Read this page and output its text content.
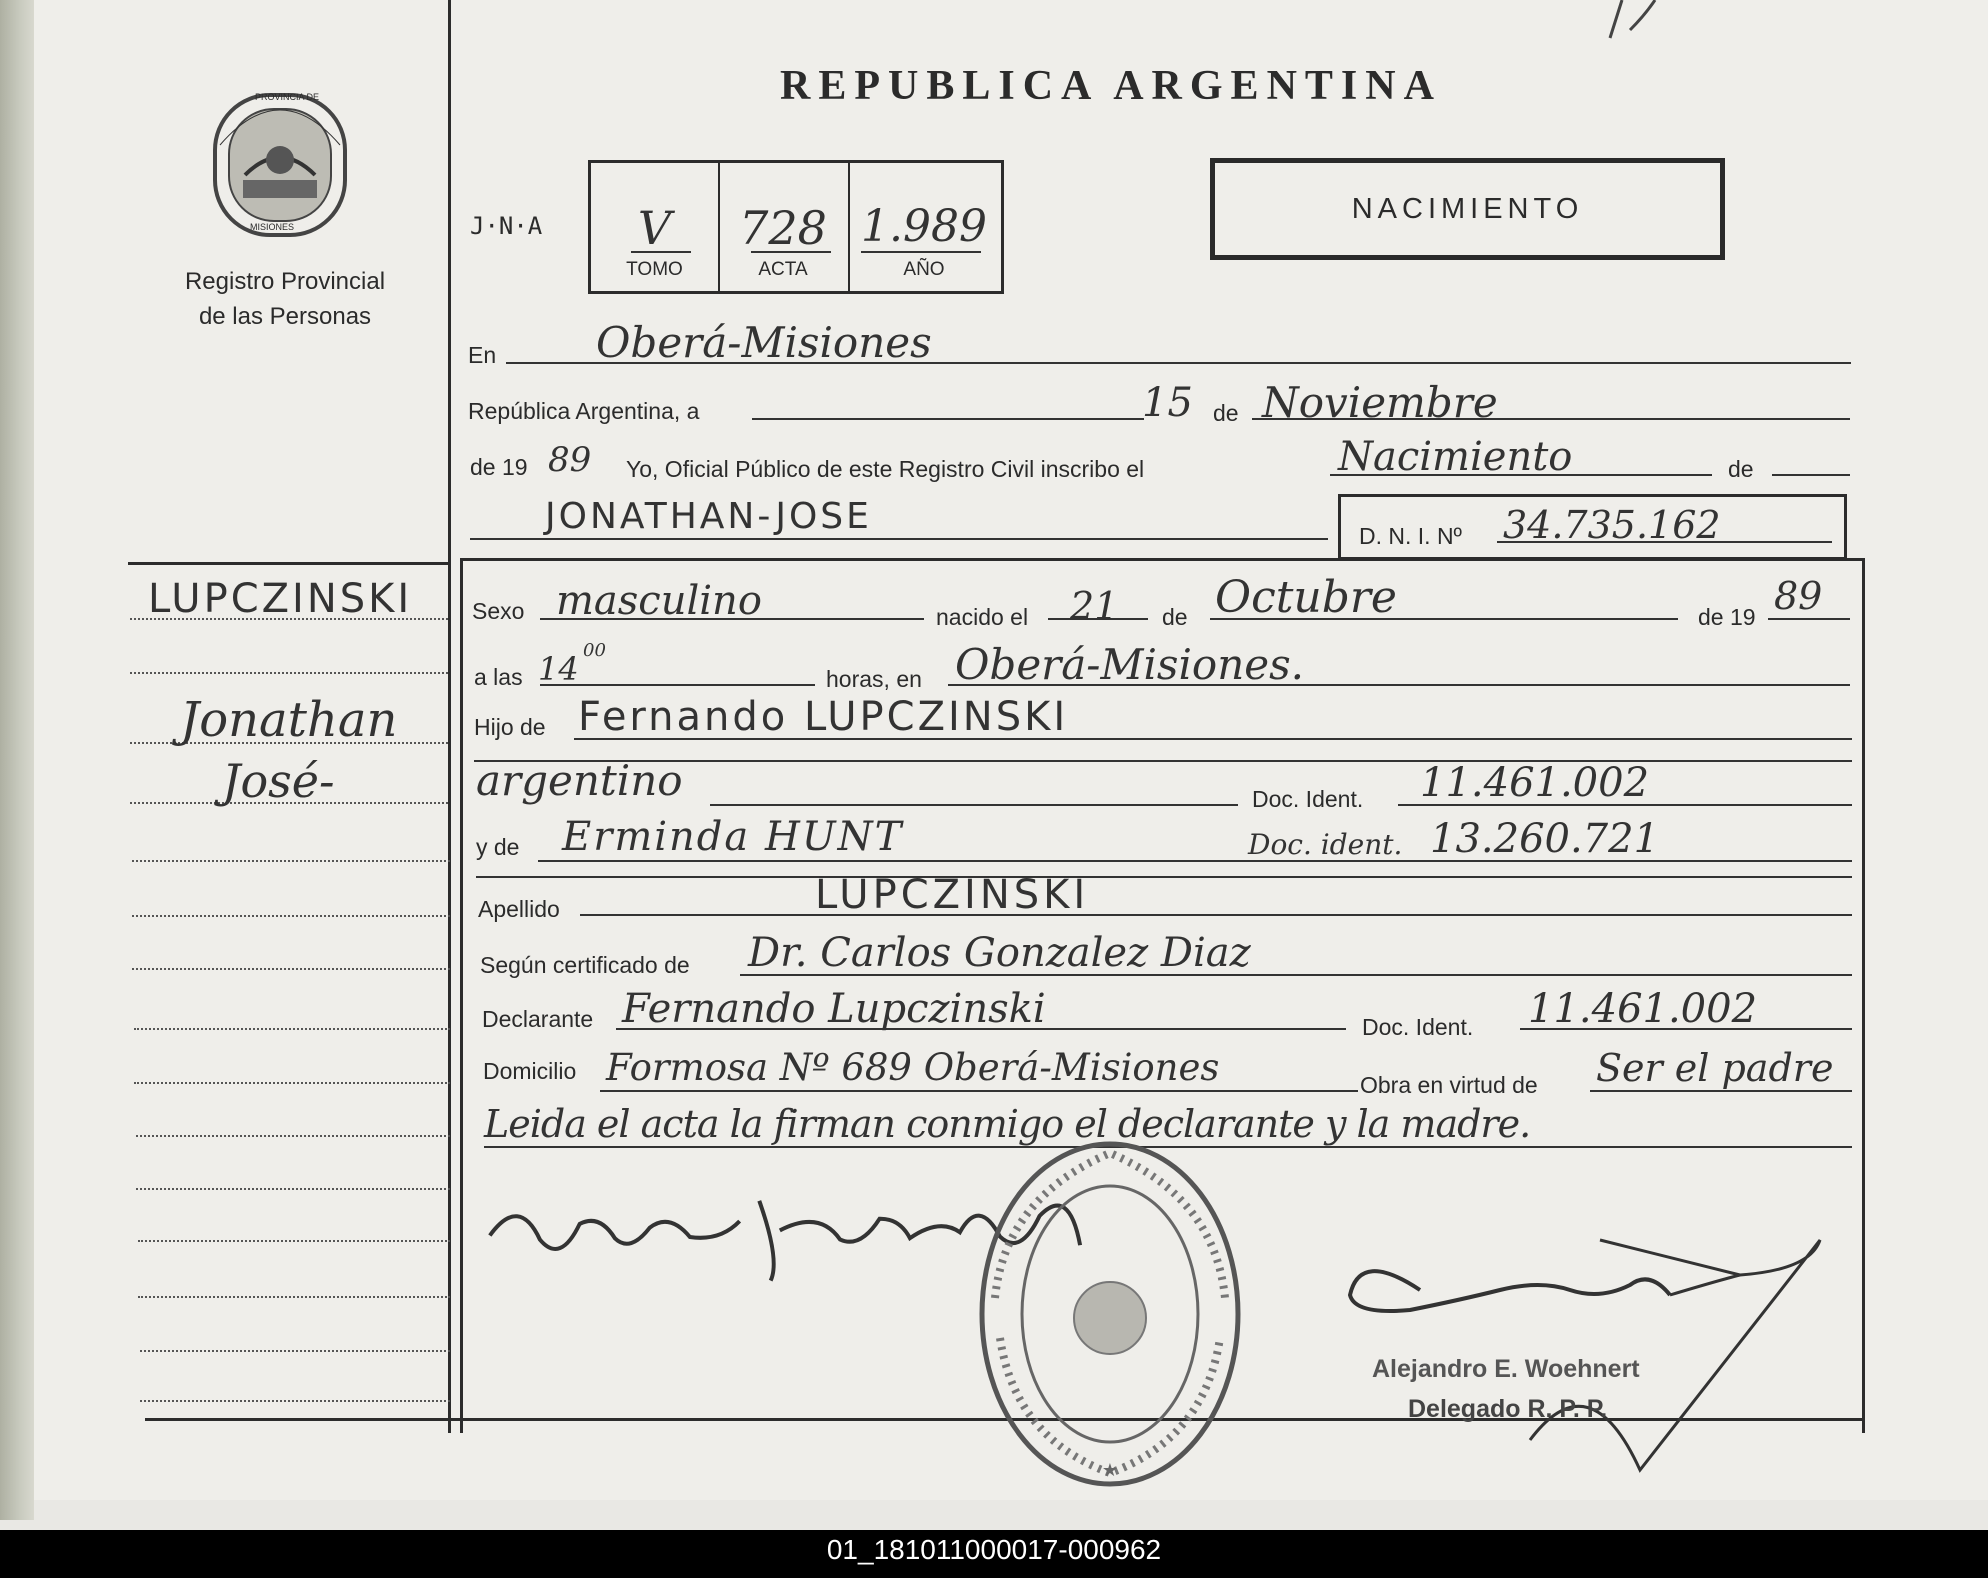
PROVINCIA DE
MISIONES
Registro Provincial
de las Personas
REPUBLICA ARGENTINA
J·N·A	V	728 1.989
TOMO	ACTA	AÑO
NACIMIENTO
LUPCZINSKI
Jonathan
José-
En Oberá-Misiones
República Argentina, a	15 de Noviembre
de 19 89 Yo, Oficial Público de este Registro Civil inscribo el	Nacimiento	de
JONATHAN-JOSE	D. N. I. Nº 34.735.162
Sexo masculino	nacido el 21 de Octubre	de 19 89
a las 14 00
horas, en Oberá-Misiones.
Hijo de Fernando LUPCZINSKI
argentino	Doc. Ident. 11.461.002
y de Erminda HUNT	Doc. ident. 13.260.721
Apellido	LUPCZINSKI
Según certificado de Dr. Carlos Gonzalez Diaz
Declarante Fernando Lupczinski	Doc. Ident. 11.461.002
Domicilio Formosa Nº 689 Oberá-Misiones	Obra en virtud de Ser el padre
Leida el acta la firman conmigo el declarante y la madre.
★
Alejandro E. Woehnert
Delegado R. P. P.
01_181011000017-000962
